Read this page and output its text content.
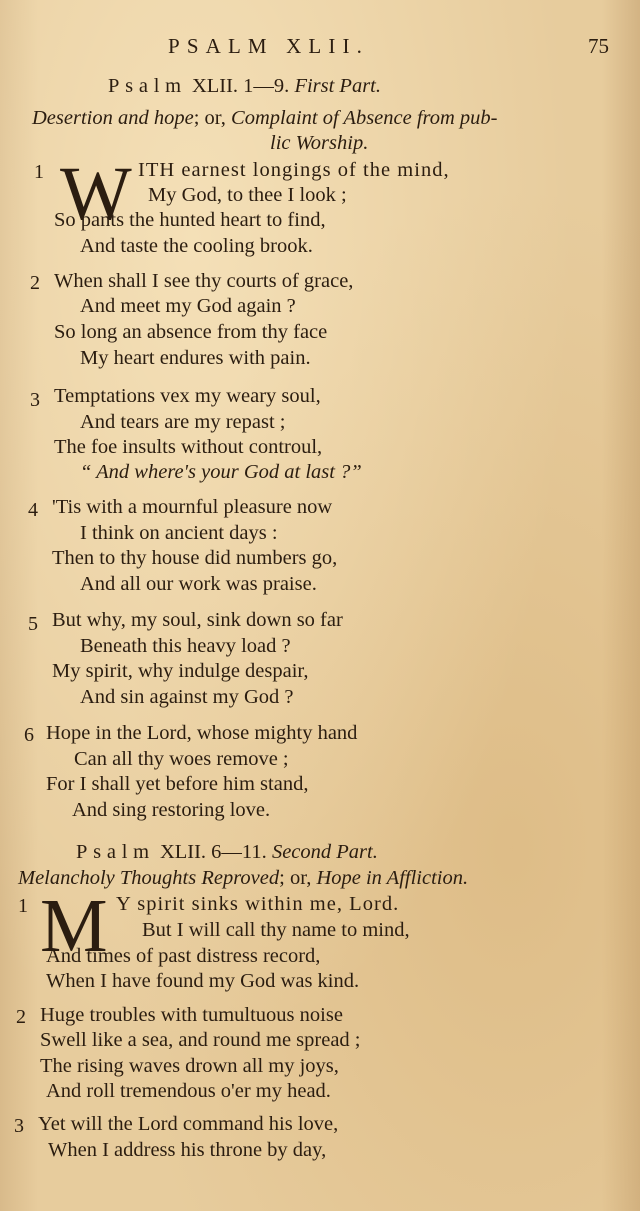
PSALM XLII.	75
Psalm XLII. 1—9. First Part.
Desertion and hope; or, Complaint of Absence from pub-
lic Worship.
1 W ITH earnest longings of the mind,
My God, to thee I look ;
So pants the hunted heart to find,
And taste the cooling brook.
2 When shall I see thy courts of grace,
And meet my God again ?
So long an absence from thy face
My heart endures with pain.
3 Temptations vex my weary soul,
And tears are my repast ;
The foe insults without controul,
“ And where's your God at last ?”
4 'Tis with a mournful pleasure now
I think on ancient days :
Then to thy house did numbers go,
And all our work was praise.
5 But why, my soul, sink down so far
Beneath this heavy load ?
My spirit, why indulge despair,
And sin against my God ?
6 Hope in the Lord, whose mighty hand
Can all thy woes remove ;
For I shall yet before him stand,
And sing restoring love.
Psalm XLII. 6—11. Second Part.
Melancholy Thoughts Reproved; or, Hope in Affliction.
1 M Y spirit sinks within me, Lord.
But I will call thy name to mind,
And times of past distress record,
When I have found my God was kind.
2 Huge troubles with tumultuous noise
Swell like a sea, and round me spread ;
The rising waves drown all my joys,
And roll tremendous o'er my head.
3 Yet will the Lord command his love,
When I address his throne by day,
